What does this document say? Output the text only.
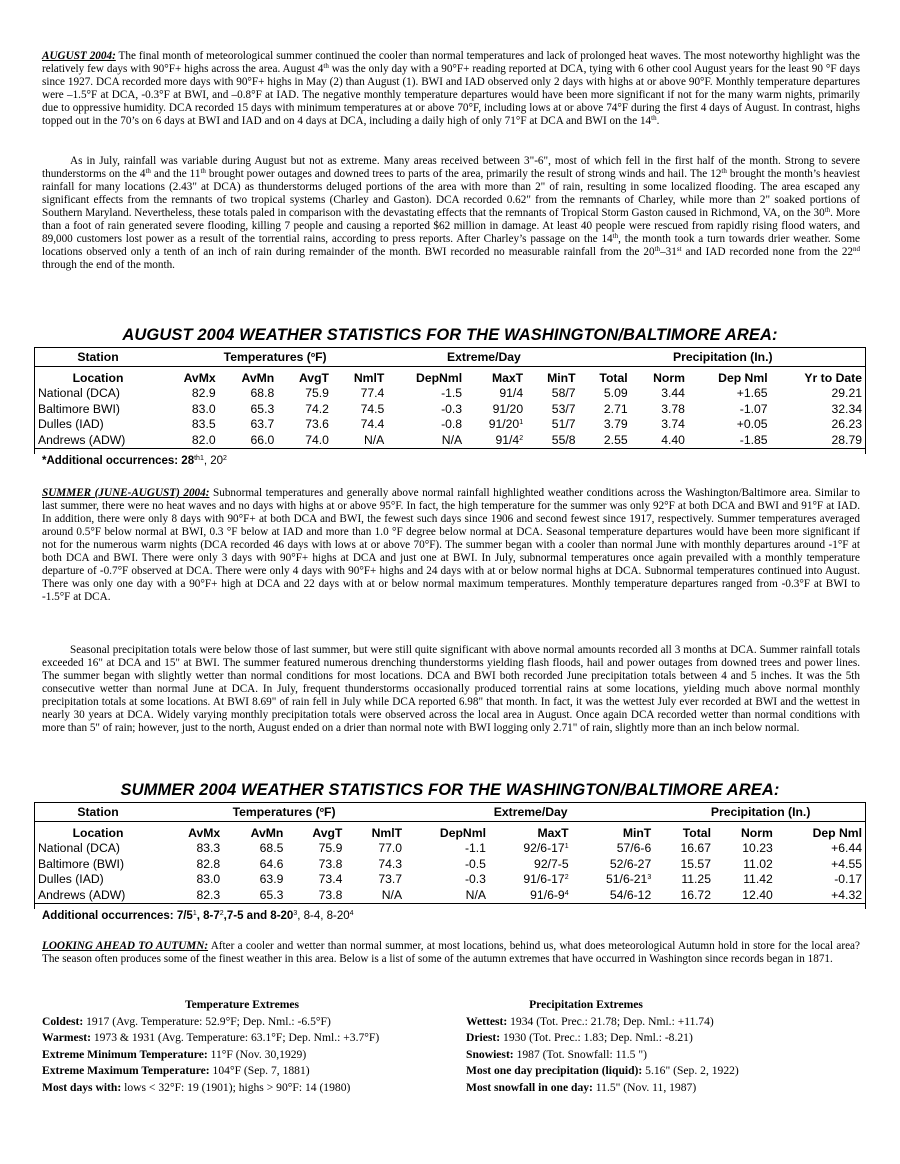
AUGUST 2004: The final month of meteorological summer continued the cooler than normal temperatures and lack of prolonged heat waves. The most noteworthy highlight was the relatively few days with 90°F+ highs across the area. August 4th was the only day with a 90°F+ reading reported at DCA, tying with 6 other cool August years for the least 90 °F days since 1927. DCA recorded more days with 90°F+ highs in May (2) than August (1). BWI and IAD observed only 2 days with highs at or above 90°F. Monthly temperature departures were –1.5°F at DCA, -0.3°F at BWI, and –0.8°F at IAD. The negative monthly temperature departures would have been more significant if not for the many warm nights, primarily due to oppressive humidity. DCA recorded 15 days with minimum temperatures at or above 70°F, including lows at or above 74°F during the first 4 days of August. In contrast, highs topped out in the 70’s on 6 days at BWI and IAD and on 4 days at DCA, including a daily high of only 71°F at DCA and BWI on the 14th.
As in July, rainfall was variable during August but not as extreme. Many areas received between 3"-6", most of which fell in the first half of the month. Strong to severe thunderstorms on the 4th and the 11th brought power outages and downed trees to parts of the area, primarily the result of strong winds and hail. The 12th brought the month’s heaviest rainfall for many locations (2.43" at DCA) as thunderstorms deluged portions of the area with more than 2" of rain, resulting in some localized flooding. The area escaped any significant effects from the remnants of two tropical systems (Charley and Gaston). DCA recorded 0.62" from the remnants of Charley, while more than 2" soaked portions of Southern Maryland. Nevertheless, these totals paled in comparison with the devastating effects that the remnants of Tropical Storm Gaston caused in Richmond, VA, on the 30th. More than a foot of rain generated severe flooding, killing 7 people and causing a reported $62 million in damage. At least 40 people were rescued from rapidly rising flood waters, and 89,000 customers lost power as a result of the torrential rains, according to press reports. After Charley’s passage on the 14th, the month took a turn towards drier weather. Some locations observed only a tenth of an inch of rain during remainder of the month. BWI recorded no measurable rainfall from the 20th–31st and IAD recorded none from the 22nd through the end of the month.
AUGUST 2004 WEATHER STATISTICS FOR THE WASHINGTON/BALTIMORE AREA:
Station	Temperatures ($^o$F)				Extreme/Day			Precipitation (In.)			
Location	AvMx	AvMn	AvgT	NmlT	DepNml	MaxT	MinT	Total	Norm	Dep Nml	Yr to Date
National (DCA)	82.9	68.8	75.9	77.4	-1.5	91/4	58/7	5.09	3.44	+1.65	29.21
Baltimore BWI)	83.0	65.3	74.2	74.5	-0.3	91/20	53/7	2.71	3.78	-1.07	32.34
Dulles (IAD)	83.5	63.7	73.6	74.4	-0.8	$91/20^1$	51/7	3.79	3.74	+0.05	26.23
Andrews (ADW)	82.0	66.0	74.0	N/A	N/A	$91/4^2$	55/8	2.55	4.40	-1.85	28.79
*Additional occurrences: $28^{th1}$, $20^2$
SUMMER (JUNE-AUGUST) 2004: Subnormal temperatures and generally above normal rainfall highlighted weather conditions across the Washington/Baltimore area. Similar to last summer, there were no heat waves and no days with highs at or above 95°F. In fact, the high temperature for the summer was only 92°F at both DCA and BWI and 91°F at IAD. In addition, there were only 8 days with 90°F+ at both DCA and BWI, the fewest such days since 1906 and second fewest since 1917, respectively. Summer temperatures averaged around 0.5°F below normal at BWI, 0.3 °F below at IAD and more than 1.0 °F degree below normal at DCA. Seasonal temperature departures would have been more significant if not for the numerous warm nights (DCA recorded 46 days with lows at or above 70°F). The summer began with a cooler than normal June with monthly departures around -1°F at both DCA and BWI. There were only 3 days with 90°F+ highs at DCA and just one at BWI. In July, subnormal temperatures once again prevailed with a monthly temperature departure of -0.7°F observed at DCA. There were only 4 days with 90°F+ highs and 24 days with at or below normal highs at DCA. Subnormal temperatures continued into August. There was only one day with a 90°F+ high at DCA and 22 days with at or below normal maximum temperatures. Monthly temperature departures ranged from -0.3°F at BWI to -1.5°F at DCA.
Seasonal precipitation totals were below those of last summer, but were still quite significant with above normal amounts recorded all 3 months at DCA. Summer rainfall totals exceeded 16" at DCA and 15" at BWI. The summer featured numerous drenching thunderstorms yielding flash floods, hail and power outages from downed trees and power lines. The summer began with slightly wetter than normal conditions for most locations. DCA and BWI both recorded June precipitation totals between 4 and 5 inches. It was the 5th consecutive wetter than normal June at DCA. In July, frequent thunderstorms occasionally produced torrential rains at some locations, yielding much above normal monthly precipitation totals at some locations. At BWI 8.69" of rain fell in July while DCA reported 6.98" that month. In fact, it was the wettest July ever recorded at BWI and the wettest in nearly 30 years at DCA. Widely varying monthly precipitation totals were observed across the local area in August. Once again DCA recorded wetter than normal conditions with more than 5" of rain; however, just to the north, August ended on a drier than normal note with BWI logging only 2.71" of rain, slightly more than an inch below normal.
SUMMER 2004 WEATHER STATISTICS FOR THE WASHINGTON/BALTIMORE AREA:
Station	Temperatures ($^o$F)				Extreme/Day			Precipitation (In.)		
Location	AvMx	AvMn	AvgT	NmlT	DepNml	MaxT	MinT	Total	Norm	Dep Nml
National (DCA)	83.3	68.5	75.9	77.0	-1.1	$92/6-17^1$	57/6-6	16.67	10.23	+6.44
Baltimore (BWI)	82.8	64.6	73.8	74.3	-0.5	92/7-5	52/6-27	15.57	11.02	+4.55
Dulles (IAD)	83.0	63.9	73.4	73.7	-0.3	$91/6-17^2$	$51/6-21^3$	11.25	11.42	-0.17
Andrews (ADW)	82.3	65.3	73.8	N/A	N/A	$91/6-9^4$	54/6-12	16.72	12.40	+4.32
Additional occurrences: $7/5^1$, $8-7^2,7-5$ and $8-20^3$, 8-4, $8-20^4$
LOOKING AHEAD TO AUTUMN: After a cooler and wetter than normal summer, at most locations, behind us, what does meteorological Autumn hold in store for the local area? The season often produces some of the finest weather in this area. Below is a list of some of the autumn extremes that have occurred in Washington since records began in 1871.
Temperature Extremes
Coldest: 1917 (Avg. Temperature: 52.9°F; Dep. Nml.: -6.5°F)
Warmest: 1973 & 1931 (Avg. Temperature: 63.1°F; Dep. Nml.: +3.7°F)
Extreme Minimum Temperature: 11°F (Nov. 30,1929)
Extreme Maximum Temperature: 104°F (Sep. 7, 1881)
Most days with: lows < 32°F: 19 (1901); highs > 90°F: 14 (1980)
Precipitation Extremes
Wettest: 1934 (Tot. Prec.: 21.78; Dep. Nml.: +11.74)
Driest: 1930 (Tot. Prec.: 1.83; Dep. Nml.: -8.21)
Snowiest: 1987 (Tot. Snowfall: 11.5 ")
Most one day precipitation (liquid): 5.16" (Sep. 2, 1922)
Most snowfall in one day: 11.5" (Nov. 11, 1987)
